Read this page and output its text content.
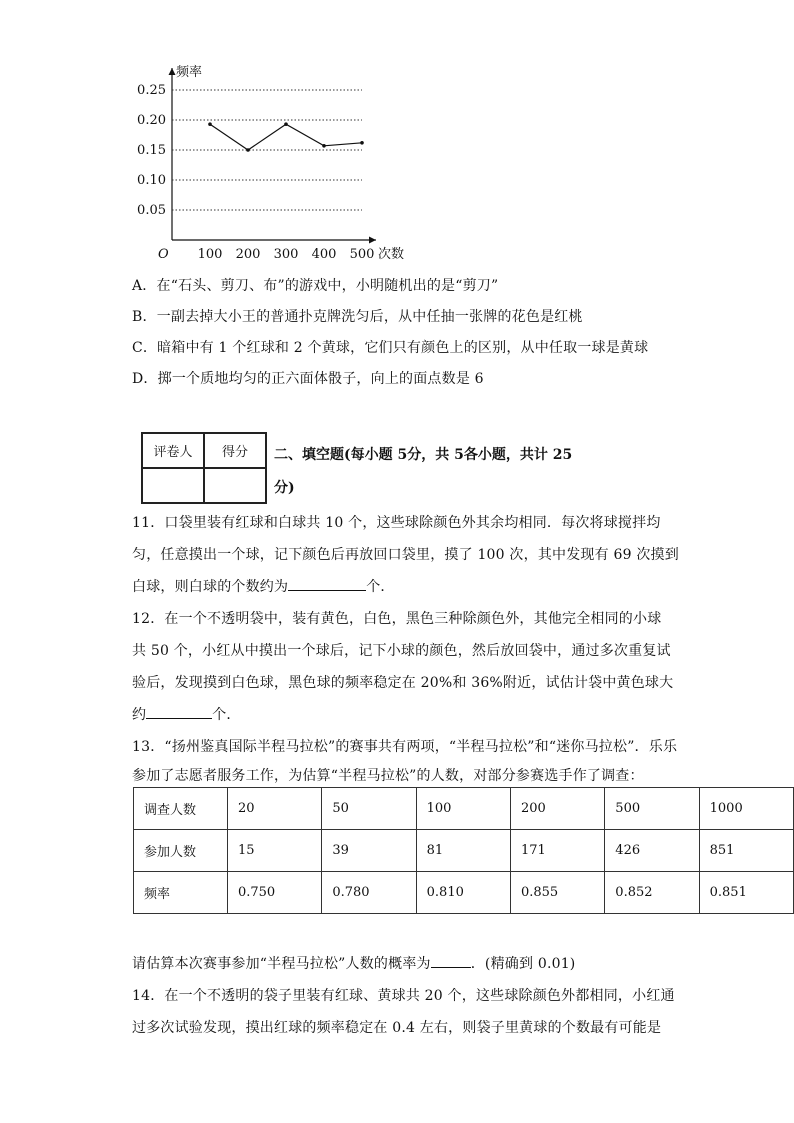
0.05
0.10
0.15
0.20
0.25
100 200 300 400 500
O
频率
次数
A．在“石头、剪刀、布”的游戏中，小明随机出的是“剪刀”
B．一副去掉大小王的普通扑克牌洗匀后，从中任抽一张牌的花色是红桃
C．暗箱中有 1 个红球和 2 个黄球，它们只有颜色上的区别，从中任取一球是黄球
D．掷一个质地均匀的正六面体骰子，向上的面点数是 6
评卷人	得分
	二、填空题(每小题 5分，共 5各小题，共计 25
分)
11．口袋里装有红球和白球共 10 个，这些球除颜色外其余均相同．每次将球搅拌均
匀，任意摸出一个球，记下颜色后再放回口袋里，摸了 100 次，其中发现有 69 次摸到
白球，则白球的个数约为	个．
12．在一个不透明袋中，装有黄色，白色，黑色三种除颜色外，其他完全相同的小球
共 50 个，小红从中摸出一个球后，记下小球的颜色，然后放回袋中，通过多次重复试
验后，发现摸到白色球，黑色球的频率稳定在 20%和 36%附近，试估计袋中黄色球大
约	个．
13．“扬州鉴真国际半程马拉松”的赛事共有两项，“半程马拉松”和“迷你马拉松”．乐乐
参加了志愿者服务工作，为估算“半程马拉松”的人数，对部分参赛选手作了调查：
调查人数	20	50	100	200	500	1000
参加人数	15	39	81	171	426	851
频率	0.750	0.780	0.810	0.855	0.852	0.851
请估算本次赛事参加“半程马拉松”人数的概率为	．(精确到 0.01)
14．在一个不透明的袋子里装有红球、黄球共 20 个，这些球除颜色外都相同，小红通
过多次试验发现，摸出红球的频率稳定在 0.4 左右，则袋子里黄球的个数最有可能是
